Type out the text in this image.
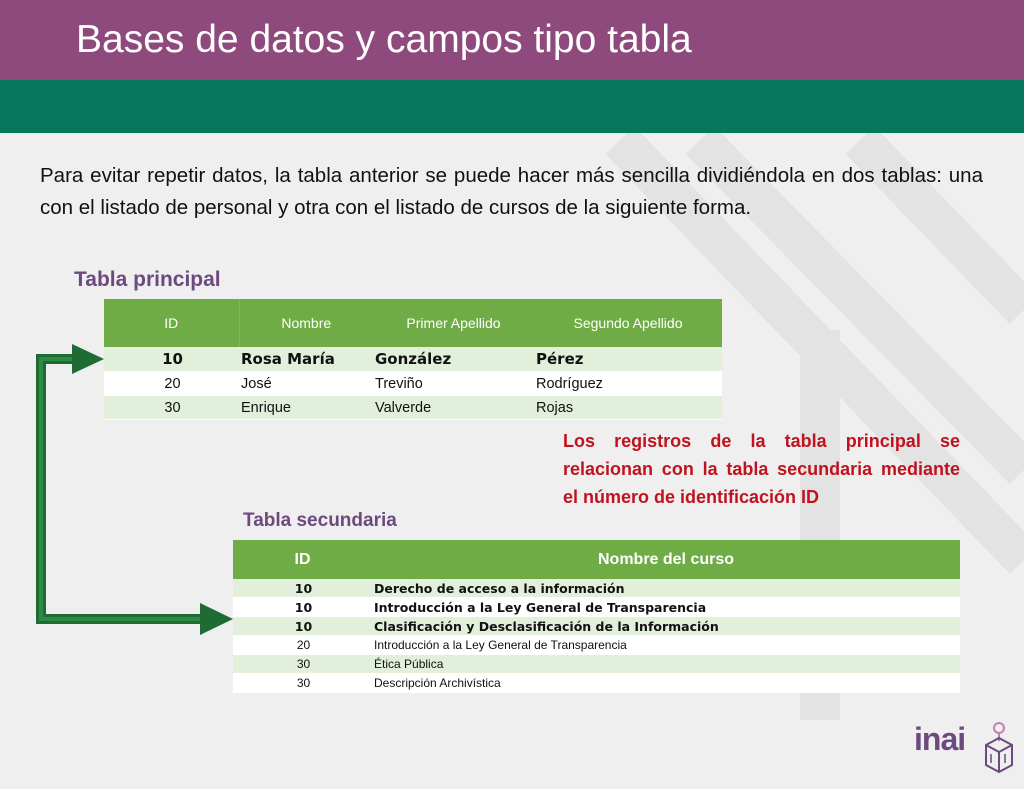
Bases de datos y campos tipo tabla
Para evitar repetir datos, la tabla anterior se puede hacer más sencilla dividiéndola en dos tablas: una con el listado de personal y otra con el listado de cursos de la siguiente forma.
Tabla principal
ID	Nombre	Primer Apellido	Segundo Apellido
10	Rosa María	González	Pérez
20	José	Treviño	Rodríguez
30	Enrique	Valverde	Rojas
Los registros de la tabla principal se relacionan con la tabla secundaria mediante el número de identificación ID
Tabla secundaria
ID	Nombre del curso
10	Derecho de acceso a la información
10	Introducción a la Ley General de Transparencia
10	Clasificación y Desclasificación de la Información
20	Introducción a la Ley General de Transparencia
30	Ética Pública
30	Descripción Archivística
inai
